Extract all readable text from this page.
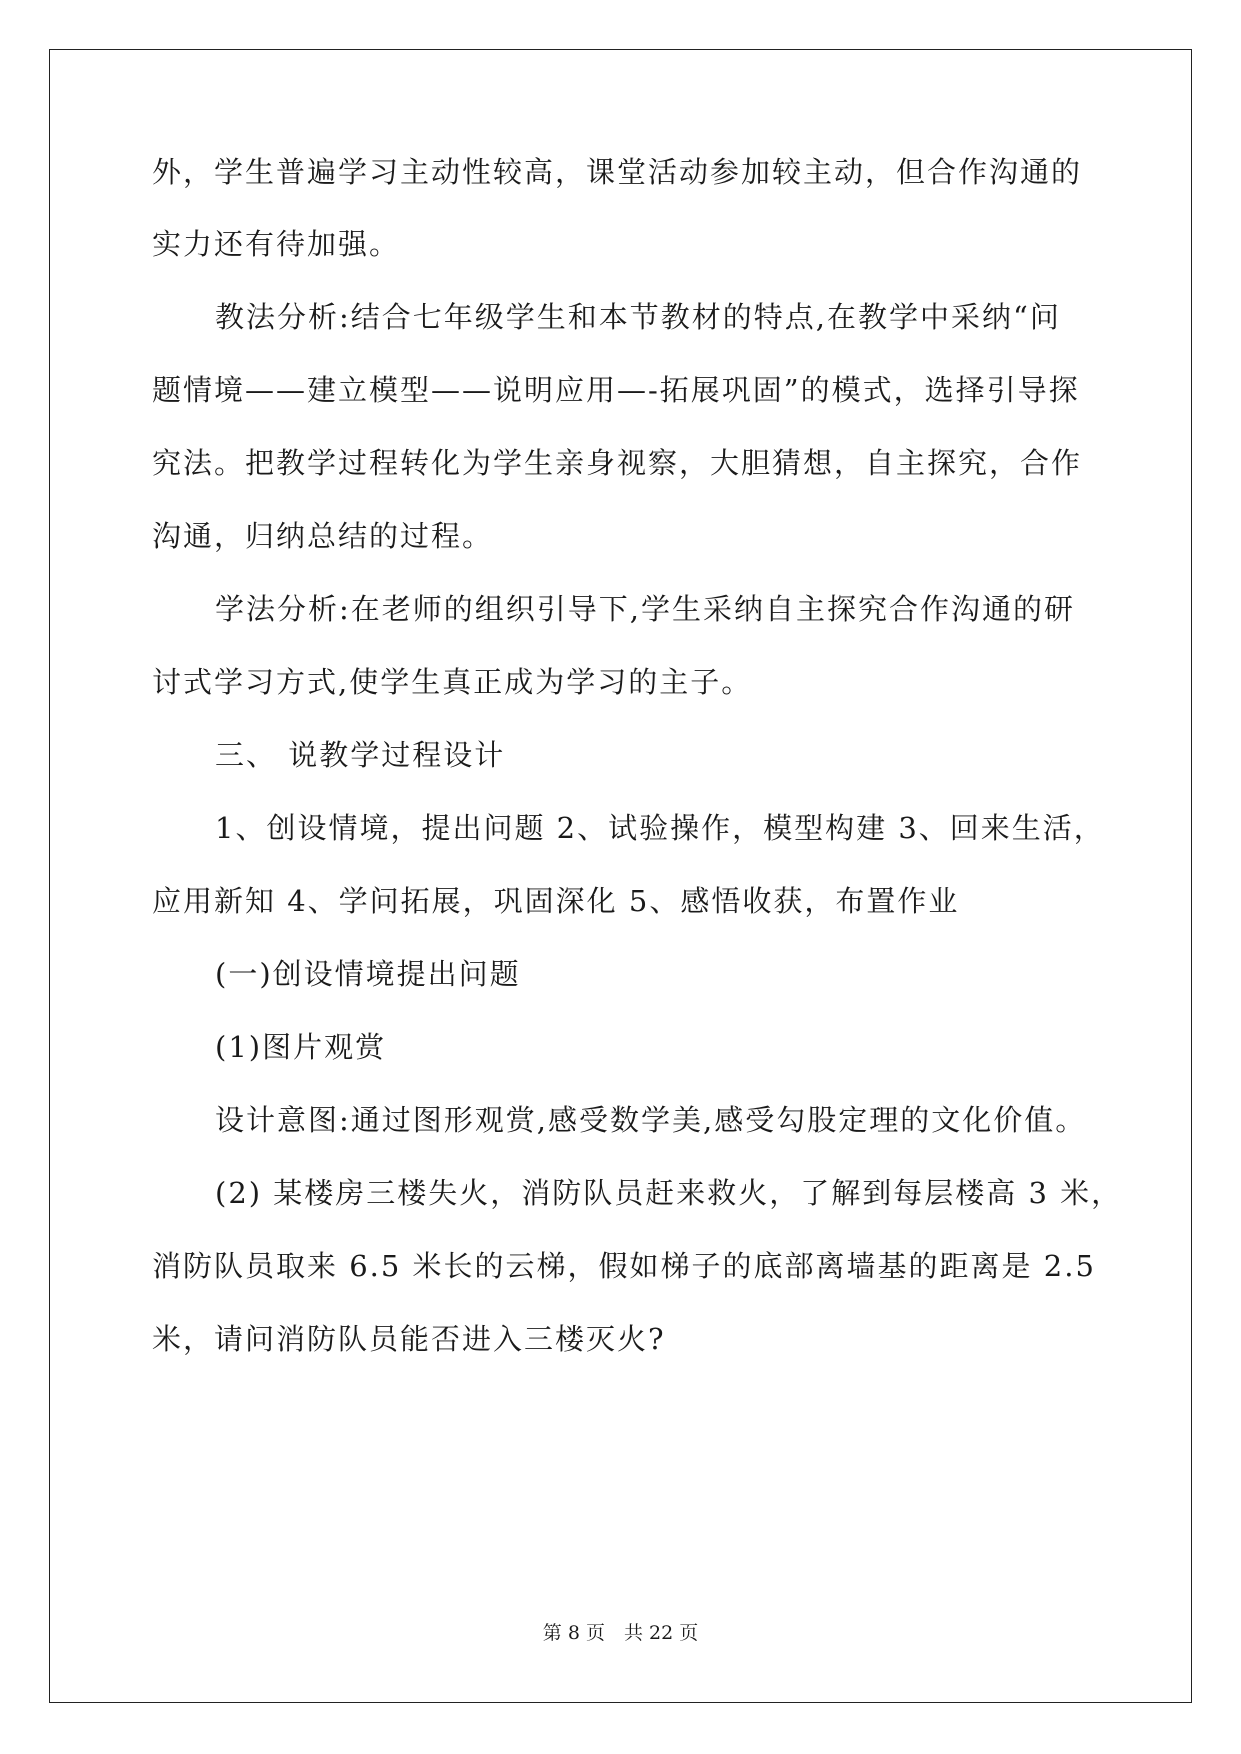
外，学生普遍学习主动性较高，课堂活动参加较主动，但合作沟通的
实力还有待加强。
教法分析:结合七年级学生和本节教材的特点,在教学中采纳“问
题情境——建立模型——说明应用—-拓展巩固”的模式，选择引导探
究法。把教学过程转化为学生亲身视察，大胆猜想，自主探究，合作
沟通，归纳总结的过程。
学法分析:在老师的组织引导下,学生采纳自主探究合作沟通的研
讨式学习方式,使学生真正成为学习的主子。
三、 说教学过程设计
1、创设情境，提出问题 2、试验操作，模型构建 3、回来生活，
应用新知 4、学问拓展，巩固深化 5、感悟收获，布置作业
(一)创设情境提出问题
(1)图片观赏
设计意图:通过图形观赏,感受数学美,感受勾股定理的文化价值。
(2) 某楼房三楼失火，消防队员赶来救火，了解到每层楼高 3 米，
消防队员取来 6.5 米长的云梯，假如梯子的底部离墙基的距离是 2.5
米，请问消防队员能否进入三楼灭火?
第 8 页　共 22 页
